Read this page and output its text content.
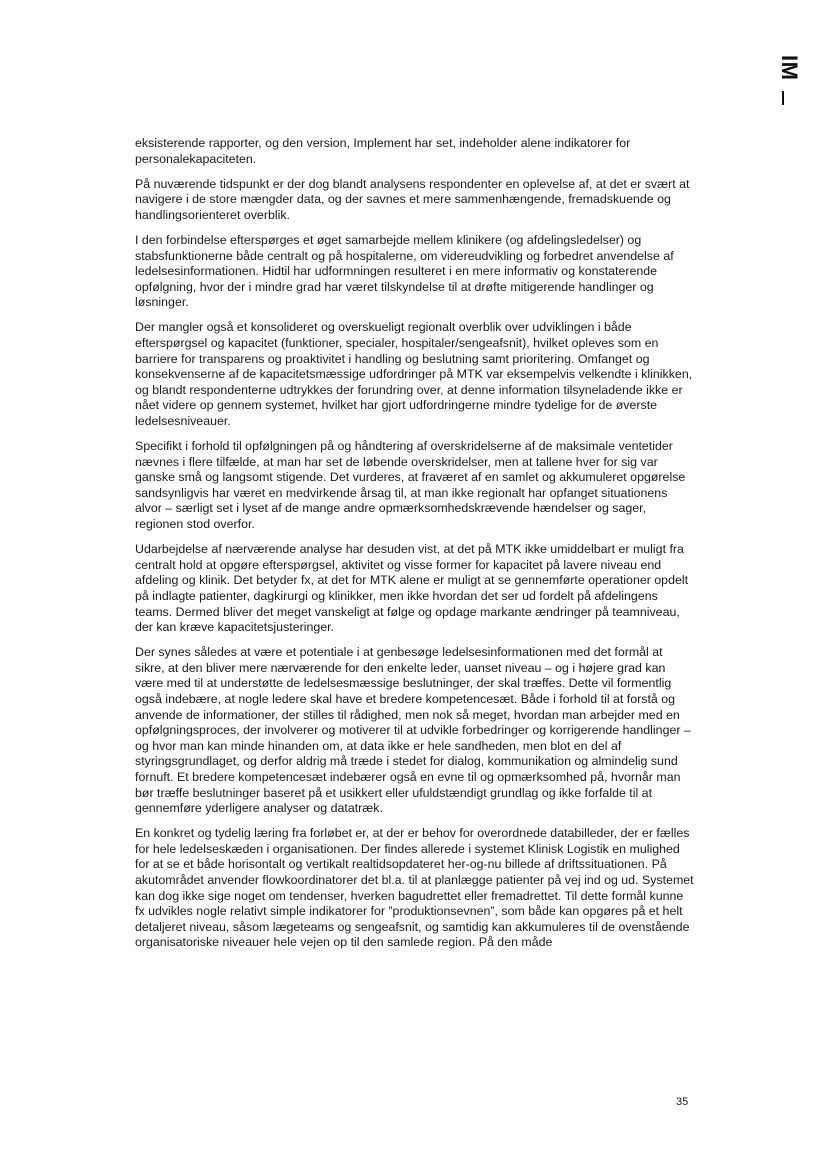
IM

eksisterende rapporter, og den version, Implement har set, indeholder alene indikatorer for personalekapaciteten.

På nuværende tidspunkt er der dog blandt analysens respondenter en oplevelse af, at det er svært at navigere i de store mængder data, og der savnes et mere sammenhængende, fremadskuende og handlingsorienteret overblik.

I den forbindelse efterspørges et øget samarbejde mellem klinikere (og afdelingsledelser) og stabsfunktionerne både centralt og på hospitalerne, om videreudvikling og forbedret anvendelse af ledelsesinformationen. Hidtil har udformningen resulteret i en mere informativ og konstaterende opfølgning, hvor der i mindre grad har været tilskyndelse til at drøfte mitigerende handlinger og løsninger.

Der mangler også et konsolideret og overskueligt regionalt overblik over udviklingen i både efterspørgsel og kapacitet (funktioner, specialer, hospitaler/sengeafsnit), hvilket opleves som en barriere for transparens og proaktivitet i handling og beslutning samt prioritering. Omfanget og konsekvenserne af de kapacitetsmæssige udfordringer på MTK var eksempelvis velkendte i klinikken, og blandt respondenterne udtrykkes der forundring over, at denne information tilsyneladende ikke er nået videre op gennem systemet, hvilket har gjort udfordringerne mindre tydelige for de øverste ledelsesniveauer.

Specifikt i forhold til opfølgningen på og håndtering af overskridelserne af de maksimale ventetider nævnes i flere tilfælde, at man har set de løbende overskridelser, men at tallene hver for sig var ganske små og langsomt stigende. Det vurderes, at fraværet af en samlet og akkumuleret opgørelse sandsynligvis har været en medvirkende årsag til, at man ikke regionalt har opfanget situationens alvor – særligt set i lyset af de mange andre opmærksomhedskrævende hændelser og sager, regionen stod overfor.

Udarbejdelse af nærværende analyse har desuden vist, at det på MTK ikke umiddelbart er muligt fra centralt hold at opgøre efterspørgsel, aktivitet og visse former for kapacitet på lavere niveau end afdeling og klinik. Det betyder fx, at det for MTK alene er muligt at se gennemførte operationer opdelt på indlagte patienter, dagkirurgi og klinikker, men ikke hvordan det ser ud fordelt på afdelingens teams. Dermed bliver det meget vanskeligt at følge og opdage markante ændringer på teamniveau, der kan kræve kapacitetsjusteringer.

Der synes således at være et potentiale i at genbesøge ledelsesinformationen med det formål at sikre, at den bliver mere nærværende for den enkelte leder, uanset niveau – og i højere grad kan være med til at understøtte de ledelsesmæssige beslutninger, der skal træffes. Dette vil formentlig også indebære, at nogle ledere skal have et bredere kompetencesæt. Både i forhold til at forstå og anvende de informationer, der stilles til rådighed, men nok så meget, hvordan man arbejder med en opfølgningsproces, der involverer og motiverer til at udvikle forbedringer og korrigerende handlinger – og hvor man kan minde hinanden om, at data ikke er hele sandheden, men blot en del af styringsgrundlaget, og derfor aldrig må træde i stedet for dialog, kommunikation og almindelig sund fornuft. Et bredere kompetencesæt indebærer også en evne til og opmærksomhed på, hvornår man bør træffe beslutninger baseret på et usikkert eller ufuldstændigt grundlag og ikke forfalde til at gennemføre yderligere analyser og datatræk.

En konkret og tydelig læring fra forløbet er, at der er behov for overordnede databilleder, der er fælles for hele ledelseskæden i organisationen. Der findes allerede i systemet Klinisk Logistik en mulighed for at se et både horisontalt og vertikalt realtidsopdateret her-og-nu billede af driftssituationen. På akutområdet anvender flowkoordinatorer det bl.a. til at planlægge patienter på vej ind og ud. Systemet kan dog ikke sige noget om tendenser, hverken bagudrettet eller fremadrettet. Til dette formål kunne fx udvikles nogle relativt simple indikatorer for ”produktionsevnen”, som både kan opgøres på et helt detaljeret niveau, såsom lægeteams og sengeafsnit, og samtidig kan akkumuleres til de ovenstående organisatoriske niveauer hele vejen op til den samlede region. På den måde

35
